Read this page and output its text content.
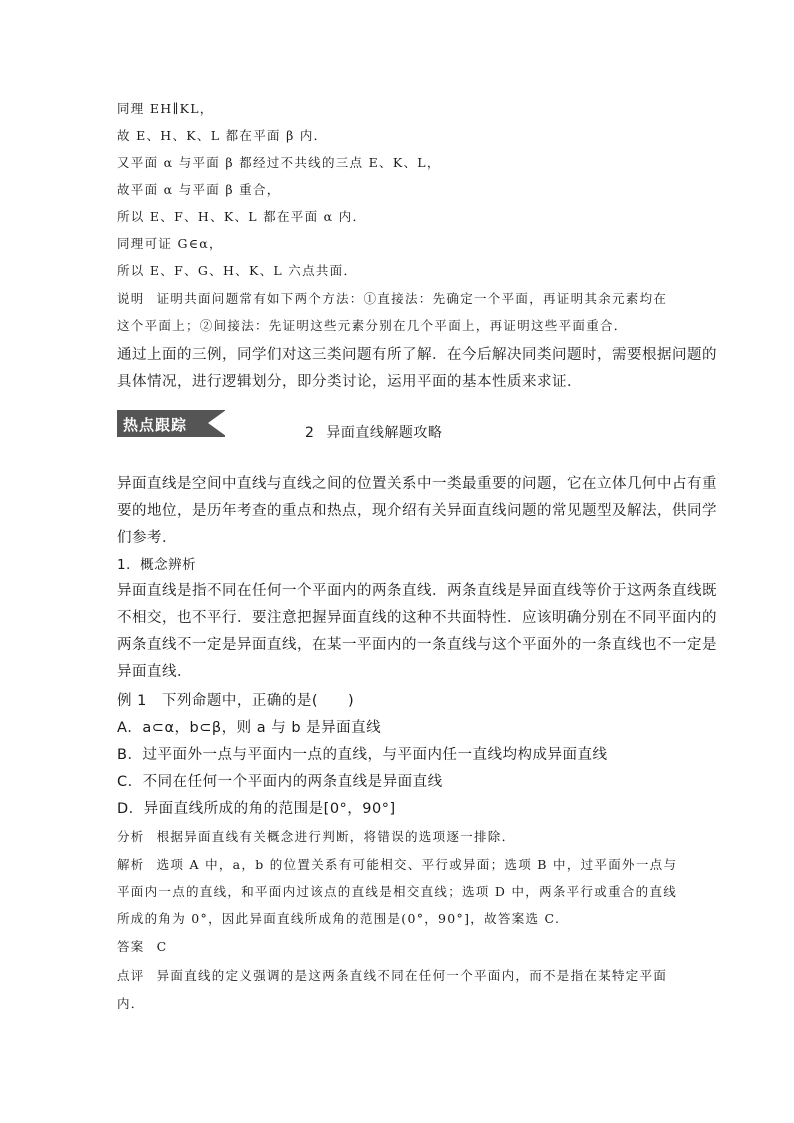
同理 EH∥KL，
故 E、H、K、L 都在平面 β 内．
又平面 α 与平面 β 都经过不共线的三点 E、K、L，
故平面 α 与平面 β 重合，
所以 E、F、H、K、L 都在平面 α 内．
同理可证 G∈α，
所以 E、F、G、H、K、L 六点共面．
说明 证明共面问题常有如下两个方法：①直接法：先确定一个平面，再证明其余元素均在
这个平面上；②间接法：先证明这些元素分别在几个平面上，再证明这些平面重合．
通过上面的三例，同学们对这三类问题有所了解．在今后解决同类问题时，需要根据问题的
具体情况，进行逻辑划分，即分类讨论，运用平面的基本性质来求证．
热点跟踪	2 异面直线解题攻略
异面直线是空间中直线与直线之间的位置关系中一类最重要的问题，它在立体几何中占有重
要的地位，是历年考查的重点和热点，现介绍有关异面直线问题的常见题型及解法，供同学
们参考．
1．概念辨析
异面直线是指不同在任何一个平面内的两条直线．两条直线是异面直线等价于这两条直线既
不相交，也不平行．要注意把握异面直线的这种不共面特性．应该明确分别在不同平面内的
两条直线不一定是异面直线，在某一平面内的一条直线与这个平面外的一条直线也不一定是
异面直线．
例 1　下列命题中，正确的是(　　)
A．a⊂α，b⊂β，则 a 与 b 是异面直线
B．过平面外一点与平面内一点的直线，与平面内任一直线均构成异面直线
C．不同在任何一个平面内的两条直线是异面直线
D．异面直线所成的角的范围是[0°，90°]
分析 根据异面直线有关概念进行判断，将错误的选项逐一排除．
解析 选项 A 中，a，b 的位置关系有可能相交、平行或异面；选项 B 中，过平面外一点与
平面内一点的直线，和平面内过该点的直线是相交直线；选项 D 中，两条平行或重合的直线
所成的角为 0°，因此异面直线所成角的范围是(0°，90°]，故答案选 C.
答案 C
点评 异面直线的定义强调的是这两条直线不同在任何一个平面内，而不是指在某特定平面
内．
